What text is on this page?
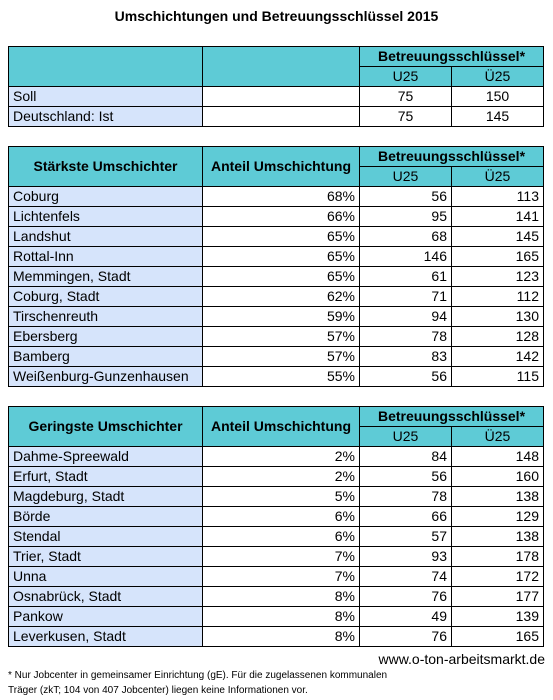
Umschichtungen und Betreuungsschlüssel 2015
		Betreuungsschlüssel*	
		U25	Ü25
Soll		75	150
Deutschland: Ist		75	145
Stärkste Umschichter	Anteil Umschichtung	Betreuungsschlüssel*	
		U25	Ü25
Coburg	68%	56	113
Lichtenfels	66%	95	141
Landshut	65%	68	145
Rottal-Inn	65%	146	165
Memmingen, Stadt	65%	61	123
Coburg, Stadt	62%	71	112
Tirschenreuth	59%	94	130
Ebersberg	57%	78	128
Bamberg	57%	83	142
Weißenburg-Gunzenhausen	55%	56	115
Geringste Umschichter	Anteil Umschichtung	Betreuungsschlüssel*	
		U25	Ü25
Dahme-Spreewald	2%	84	148
Erfurt, Stadt	2%	56	160
Magdeburg, Stadt	5%	78	138
Börde	6%	66	129
Stendal	6%	57	138
Trier, Stadt	7%	93	178
Unna	7%	74	172
Osnabrück, Stadt	8%	76	177
Pankow	8%	49	139
Leverkusen, Stadt	8%	76	165
www.o-ton-arbeitsmarkt.de
* Nur Jobcenter in gemeinsamer Einrichtung (gE). Für die zugelassenen kommunalen
Träger (zkT; 104 von 407 Jobcenter) liegen keine Informationen vor.
